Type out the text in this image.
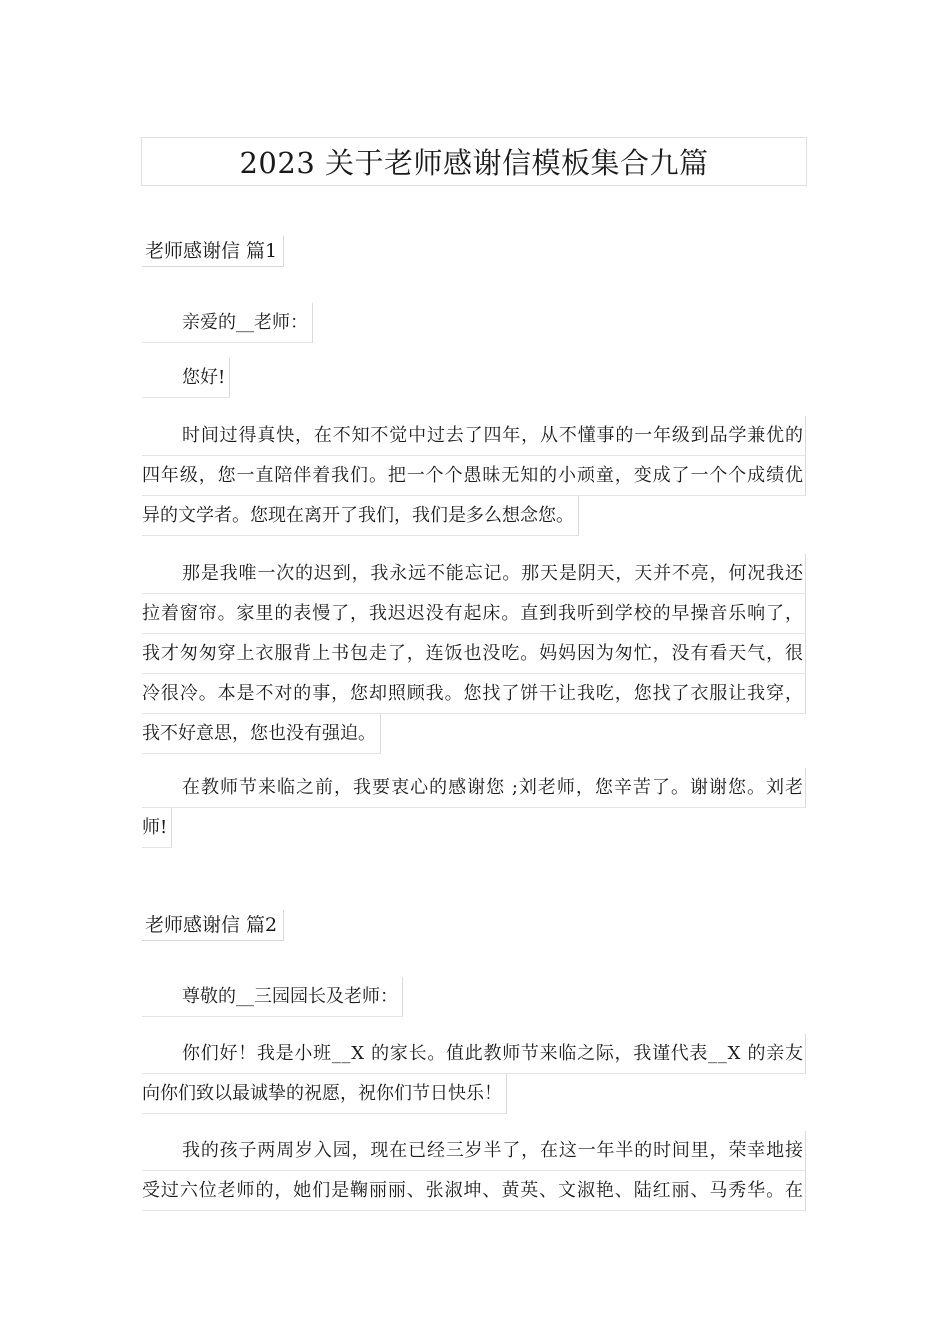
2023 关于老师感谢信模板集合九篇
老师感谢信 篇1
亲爱的__老师：
您好!
时间过得真快，在不知不觉中过去了四年，从不懂事的一年级到品学兼优的
四年级，您一直陪伴着我们。把一个个愚昧无知的小顽童，变成了一个个成绩优
异的文学者。您现在离开了我们，我们是多么想念您。
那是我唯一次的迟到，我永远不能忘记。那天是阴天，天并不亮，何况我还
拉着窗帘。家里的表慢了，我迟迟没有起床。直到我听到学校的早操音乐响了，
我才匆匆穿上衣服背上书包走了，连饭也没吃。妈妈因为匆忙，没有看天气，很
冷很冷。本是不对的事，您却照顾我。您找了饼干让我吃，您找了衣服让我穿，
我不好意思，您也没有强迫。
在教师节来临之前，我要衷心的感谢您 ;刘老师，您辛苦了。谢谢您。刘老
师!
老师感谢信 篇2
尊敬的__三园园长及老师：
你们好！我是小班__X 的家长。值此教师节来临之际，我谨代表__X 的亲友
向你们致以最诚挚的祝愿，祝你们节日快乐！
我的孩子两周岁入园，现在已经三岁半了，在这一年半的时间里，荣幸地接
受过六位老师的，她们是鞠丽丽、张淑坤、黄英、文淑艳、陆红丽、马秀华。在
